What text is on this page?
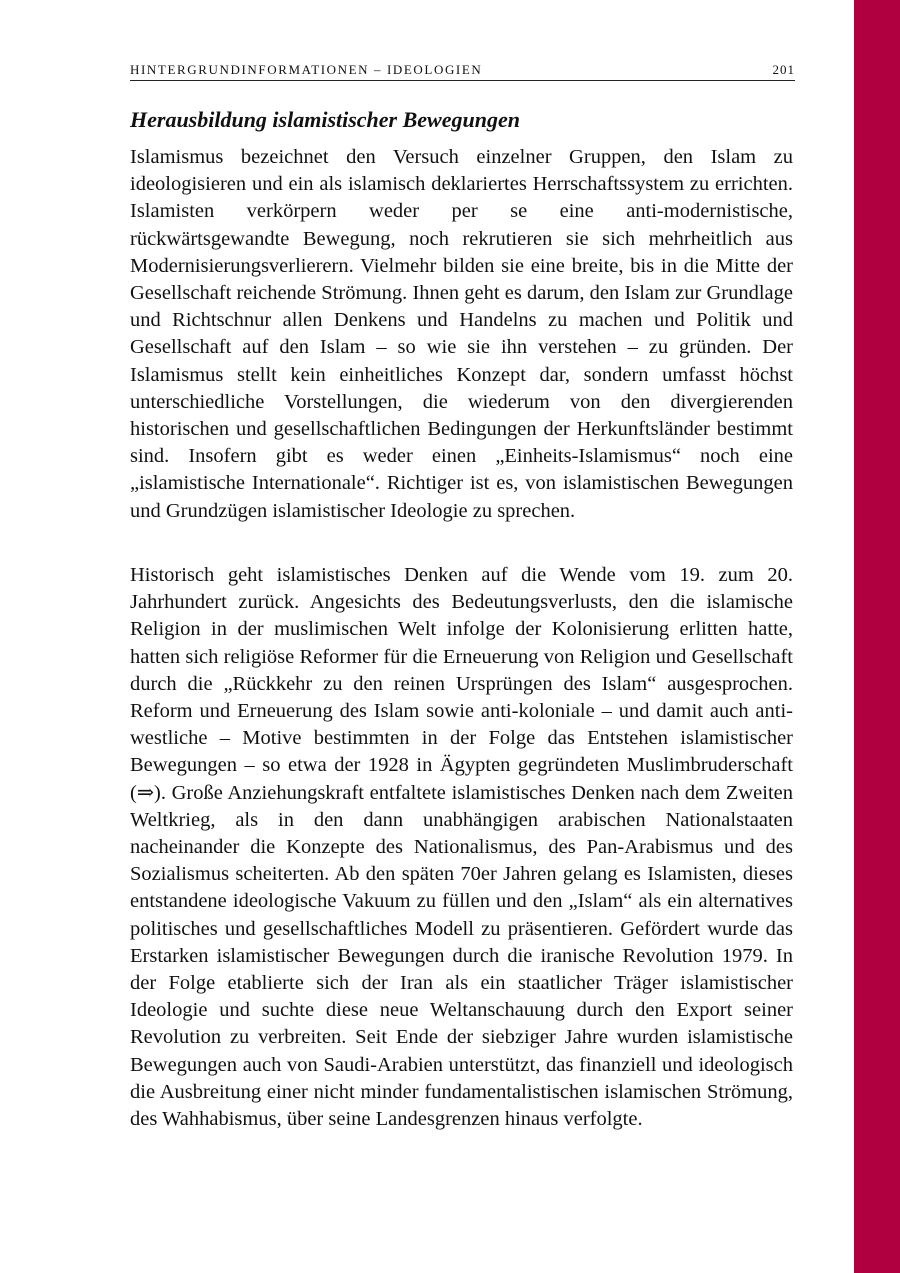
HINTERGRUNDINFORMATIONEN – IDEOLOGIEN	201
Herausbildung islamistischer Bewegungen

Islamismus bezeichnet den Versuch einzelner Gruppen, den Islam zu ideologisieren und ein als islamisch deklariertes Herrschaftssystem zu errichten. Islamisten verkörpern weder per se eine anti-modernistische, rückwärtsgewandte Bewegung, noch rekrutieren sie sich mehrheitlich aus Modernisierungsverlierern. Vielmehr bilden sie eine breite, bis in die Mitte der Gesellschaft reichende Strömung. Ihnen geht es darum, den Islam zur Grundlage und Richtschnur allen Denkens und Handelns zu machen und Politik und Gesellschaft auf den Islam – so wie sie ihn verstehen – zu gründen. Der Islamismus stellt kein einheitliches Konzept dar, sondern umfasst höchst unterschiedliche Vorstellungen, die wiederum von den divergierenden historischen und gesellschaftlichen Bedingungen der Herkunftsländer bestimmt sind. Insofern gibt es weder einen „Einheits-Islamismus“ noch eine „islamistische Internationale“. Richtiger ist es, von islamistischen Bewegungen und Grundzügen islamistischer Ideologie zu sprechen.

Historisch geht islamistisches Denken auf die Wende vom 19. zum 20. Jahrhundert zurück. Angesichts des Bedeutungsverlusts, den die islamische Religion in der muslimischen Welt infolge der Kolonisierung erlitten hatte, hatten sich religiöse Reformer für die Erneuerung von Religion und Gesellschaft durch die „Rückkehr zu den reinen Ursprüngen des Islam“ ausgesprochen. Reform und Erneuerung des Islam sowie anti-koloniale – und damit auch anti-westliche – Motive bestimmten in der Folge das Entstehen islamistischer Bewegungen – so etwa der 1928 in Ägypten gegründeten Muslimbruderschaft (⇒). Große Anziehungskraft entfaltete islamistisches Denken nach dem Zweiten Weltkrieg, als in den dann unabhängigen arabischen Nationalstaaten nacheinander die Konzepte des Nationalismus, des Pan-Arabismus und des Sozialismus scheiterten. Ab den späten 70er Jahren gelang es Islamisten, dieses entstandene ideologische Vakuum zu füllen und den „Islam“ als ein alternatives politisches und gesellschaftliches Modell zu präsentieren. Gefördert wurde das Erstarken islamistischer Bewegungen durch die iranische Revolution 1979. In der Folge etablierte sich der Iran als ein staatlicher Träger islamistischer Ideologie und suchte diese neue Weltanschauung durch den Export seiner Revolution zu verbreiten. Seit Ende der siebziger Jahre wurden islamistische Bewegungen auch von Saudi-Arabien unterstützt, das finanziell und ideologisch die Ausbreitung einer nicht minder fundamentalistischen islamischen Strömung, des Wahhabismus, über seine Landesgrenzen hinaus verfolgte.
